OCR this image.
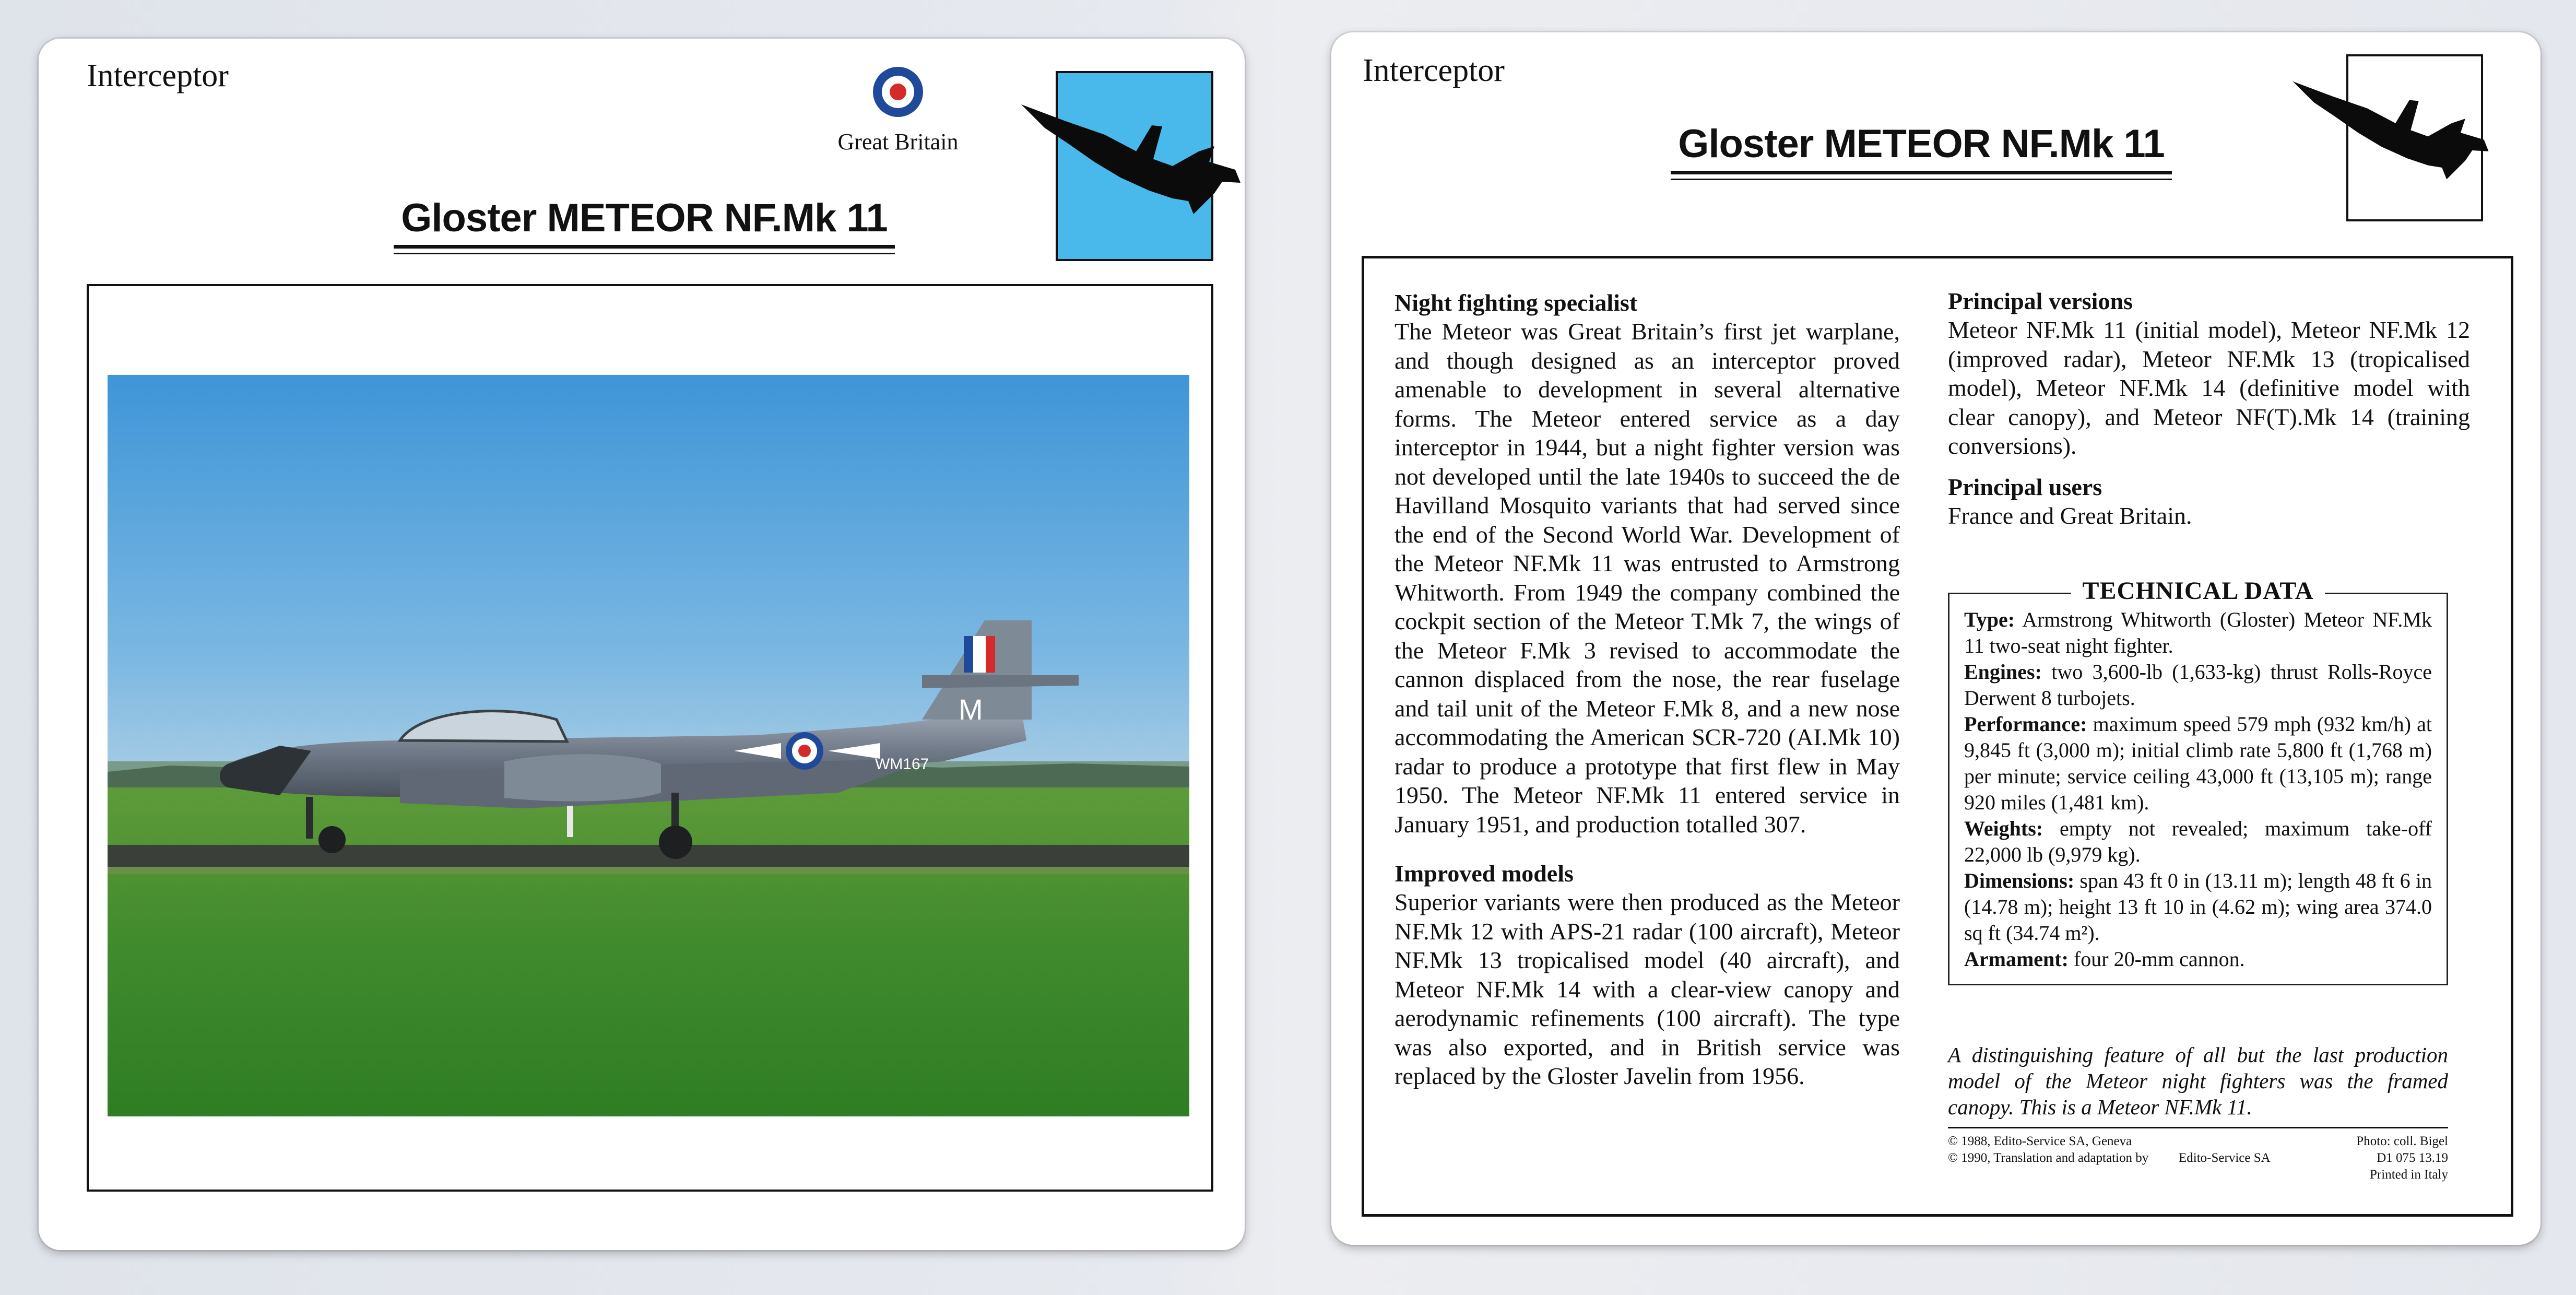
Interceptor
Great Britain
Gloster METEOR NF.Mk 11
M
WM167
Interceptor
Gloster METEOR NF.Mk 11
Night fighting specialist
The Meteor was Great Britain’s first jet warplane, and though designed as an interceptor proved amenable to development in several alternative forms. The Meteor entered service as a day interceptor in 1944, but a night fighter version was not developed until the late 1940s to succeed the de Havilland Mosquito variants that had served since the end of the Second World War. Development of the Meteor NF.Mk 11 was entrusted to Armstrong Whitworth. From 1949 the company combined the cockpit section of the Meteor T.Mk 7, the wings of the Meteor F.Mk 3 revised to accommodate the cannon displaced from the nose, the rear fuselage and tail unit of the Meteor F.Mk 8, and a new nose accommodating the American SCR-720 (AI.Mk 10) radar to produce a prototype that first flew in May 1950. The Meteor NF.Mk 11 entered service in January 1951, and production totalled 307.
Improved models
Superior variants were then produced as the Meteor NF.Mk 12 with APS-21 radar (100 aircraft), Meteor NF.Mk 13 tropicalised model (40 aircraft), and Meteor NF.Mk 14 with a clear-view canopy and aerodynamic refinements (100 aircraft). The type was also exported, and in British service was replaced by the Gloster Javelin from 1956.
Principal versions
Meteor NF.Mk 11 (initial model), Meteor NF.Mk 12 (improved radar), Meteor NF.Mk 13 (tropicalised model), Meteor NF.Mk 14 (definitive model with clear canopy), and Meteor NF(T).Mk 14 (training conversions).
Principal users
France and Great Britain.
TECHNICAL DATA
Type: Armstrong Whitworth (Gloster) Meteor NF.Mk 11 two-seat night fighter.
Engines: two 3,600-lb (1,633-kg) thrust Rolls-Royce Derwent 8 turbojets.
Performance: maximum speed 579 mph (932 km/h) at 9,845 ft (3,000 m); initial climb rate 5,800 ft (1,768 m) per minute; service ceiling 43,000 ft (13,105 m); range 920 miles (1,481 km).
Weights: empty not revealed; maximum take-off 22,000 lb (9,979 kg).
Dimensions: span 43 ft 0 in (13.11 m); length 48 ft 6 in (14.78 m); height 13 ft 10 in (4.62 m); wing area 374.0 sq ft (34.74 m²).
Armament: four 20-mm cannon.
A distinguishing feature of all but the last production model of the Meteor night fighters was the framed canopy. This is a Meteor NF.Mk 11.
© 1988, Edito-Service SA, Geneva
© 1990, Translation and adaptation by Edito-Service SA
Photo: coll. Bigel
D1 075 13.19
Printed in Italy
